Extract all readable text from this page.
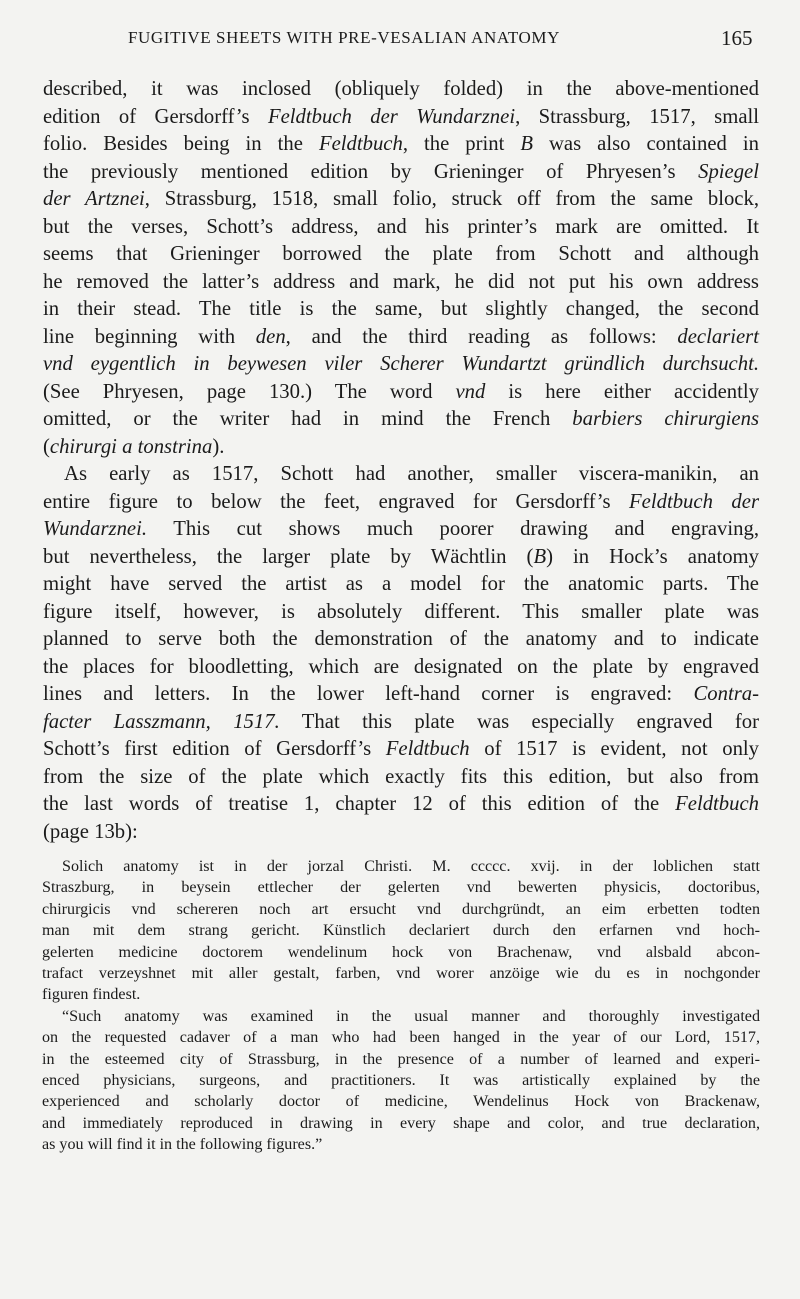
FUGITIVE SHEETS WITH PRE-VESALIAN ANATOMY	165
described, it was inclosed (obliquely folded) in the above-mentioned
edition of Gersdorff’s Feldtbuch der Wundarznei, Strassburg, 1517, small
folio. Besides being in the Feldtbuch, the print B was also contained in
the previously mentioned edition by Grieninger of Phryesen’s Spiegel
der Artznei, Strassburg, 1518, small folio, struck off from the same block,
but the verses, Schott’s address, and his printer’s mark are omitted. It
seems that Grieninger borrowed the plate from Schott and although
he removed the latter’s address and mark, he did not put his own address
in their stead. The title is the same, but slightly changed, the second
line beginning with den, and the third reading as follows: declariert
vnd eygentlich in beywesen viler Scherer Wundartzt gründlich durchsucht.
(See Phryesen, page 130.) The word vnd is here either accidently
omitted, or the writer had in mind the French barbiers chirurgiens
(chirurgi a tonstrina).
As early as 1517, Schott had another, smaller viscera-manikin, an
entire figure to below the feet, engraved for Gersdorff’s Feldtbuch der
Wundarznei. This cut shows much poorer drawing and engraving,
but nevertheless, the larger plate by Wächtlin (B) in Hock’s anatomy
might have served the artist as a model for the anatomic parts. The
figure itself, however, is absolutely different. This smaller plate was
planned to serve both the demonstration of the anatomy and to indicate
the places for bloodletting, which are designated on the plate by engraved
lines and letters. In the lower left-hand corner is engraved: Contra-
facter Lasszmann, 1517. That this plate was especially engraved for
Schott’s first edition of Gersdorff’s Feldtbuch of 1517 is evident, not only
from the size of the plate which exactly fits this edition, but also from
the last words of treatise 1, chapter 12 of this edition of the Feldtbuch
(page 13b):
Solich anatomy ist in der jorzal Christi. M. ccccc. xvij. in der loblichen statt
Straszburg, in beysein ettlecher der gelerten vnd bewerten physicis, doctoribus,
chirurgicis vnd schereren noch art ersucht vnd durchgründt, an eim erbetten todten
man mit dem strang gericht. Künstlich declariert durch den erfarnen vnd hoch-
gelerten medicine doctorem wendelinum hock von Brachenaw, vnd alsbald abcon-
trafact verzeyshnet mit aller gestalt, farben, vnd worer anzöige wie du es in nochgonder
figuren findest.
“Such anatomy was examined in the usual manner and thoroughly investigated
on the requested cadaver of a man who had been hanged in the year of our Lord, 1517,
in the esteemed city of Strassburg, in the presence of a number of learned and experi-
enced physicians, surgeons, and practitioners. It was artistically explained by the
experienced and scholarly doctor of medicine, Wendelinus Hock von Brackenaw,
and immediately reproduced in drawing in every shape and color, and true declaration,
as you will find it in the following figures.”
